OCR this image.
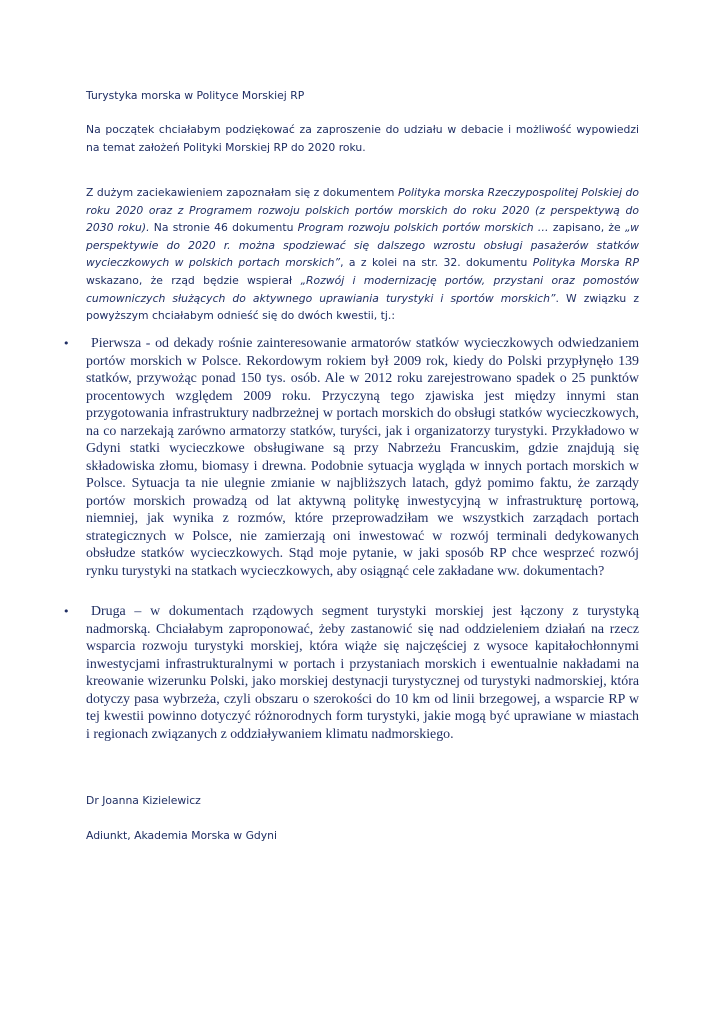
Turystyka morska w Polityce Morskiej RP

Na początek chciałabym podziękować za zaproszenie do udziału w debacie i możliwość wypowiedzi na temat założeń Polityki Morskiej RP do 2020 roku.

Z dużym zaciekawieniem zapoznałam się z dokumentem Polityka morska Rzeczypospolitej Polskiej do roku 2020 oraz z Programem rozwoju polskich portów morskich do roku 2020 (z perspektywą do 2030 roku). Na stronie 46 dokumentu Program rozwoju polskich portów morskich … zapisano, że „w perspektywie do 2020 r. można spodziewać się dalszego wzrostu obsługi pasażerów statków wycieczkowych w polskich portach morskich”, a z kolei na str. 32. dokumentu Polityka Morska RP wskazano, że rząd będzie wspierał „Rozwój i modernizację portów, przystani oraz pomostów cumowniczych służących do aktywnego uprawiania turystyki i sportów morskich”. W związku z powyższym chciałabym odnieść się do dwóch kwestii, tj.:

•	Pierwsza - od dekady rośnie zainteresowanie armatorów statków wycieczkowych odwiedzaniem portów morskich w Polsce. Rekordowym rokiem był 2009 rok, kiedy do Polski przypłynęło 139 statków, przywożąc ponad 150 tys. osób. Ale w 2012 roku zarejestrowano spadek o 25 punktów procentowych względem 2009 roku. Przyczyną tego zjawiska jest między innymi stan przygotowania infrastruktury nadbrzeżnej w portach morskich do obsługi statków wycieczkowych, na co narzekają zarówno armatorzy statków, turyści, jak i organizatorzy turystyki. Przykładowo w Gdyni statki wycieczkowe obsługiwane są przy Nabrzeżu Francuskim, gdzie znajdują się składowiska złomu, biomasy i drewna. Podobnie sytuacja wygląda w innych portach morskich w Polsce. Sytuacja ta nie ulegnie zmianie w najbliższych latach, gdyż pomimo faktu, że zarządy portów morskich prowadzą od lat aktywną politykę inwestycyjną w infrastrukturę portową, niemniej, jak wynika z rozmów, które przeprowadziłam we wszystkich zarządach portach strategicznych w Polsce, nie zamierzają oni inwestować w rozwój terminali dedykowanych obsłudze statków wycieczkowych. Stąd moje pytanie, w jaki sposób RP chce wesprzeć rozwój rynku turystyki na statkach wycieczkowych, aby osiągnąć cele zakładane ww. dokumentach?

•	Druga – w dokumentach rządowych segment turystyki morskiej jest łączony z turystyką nadmorską. Chciałabym zaproponować, żeby zastanowić się nad oddzieleniem działań na rzecz wsparcia rozwoju turystyki morskiej, która wiąże się najczęściej z wysoce kapitałochłonnymi inwestycjami infrastrukturalnymi w portach i przystaniach morskich i ewentualnie nakładami na kreowanie wizerunku Polski, jako morskiej destynacji turystycznej od turystyki nadmorskiej, która dotyczy pasa wybrzeża, czyli obszaru o szerokości do 10 km od linii brzegowej, a wsparcie RP w tej kwestii powinno dotyczyć różnorodnych form turystyki, jakie mogą być uprawiane w miastach i regionach związanych z oddziaływaniem klimatu nadmorskiego.

Dr Joanna Kizielewicz

Adiunkt, Akademia Morska w Gdyni
